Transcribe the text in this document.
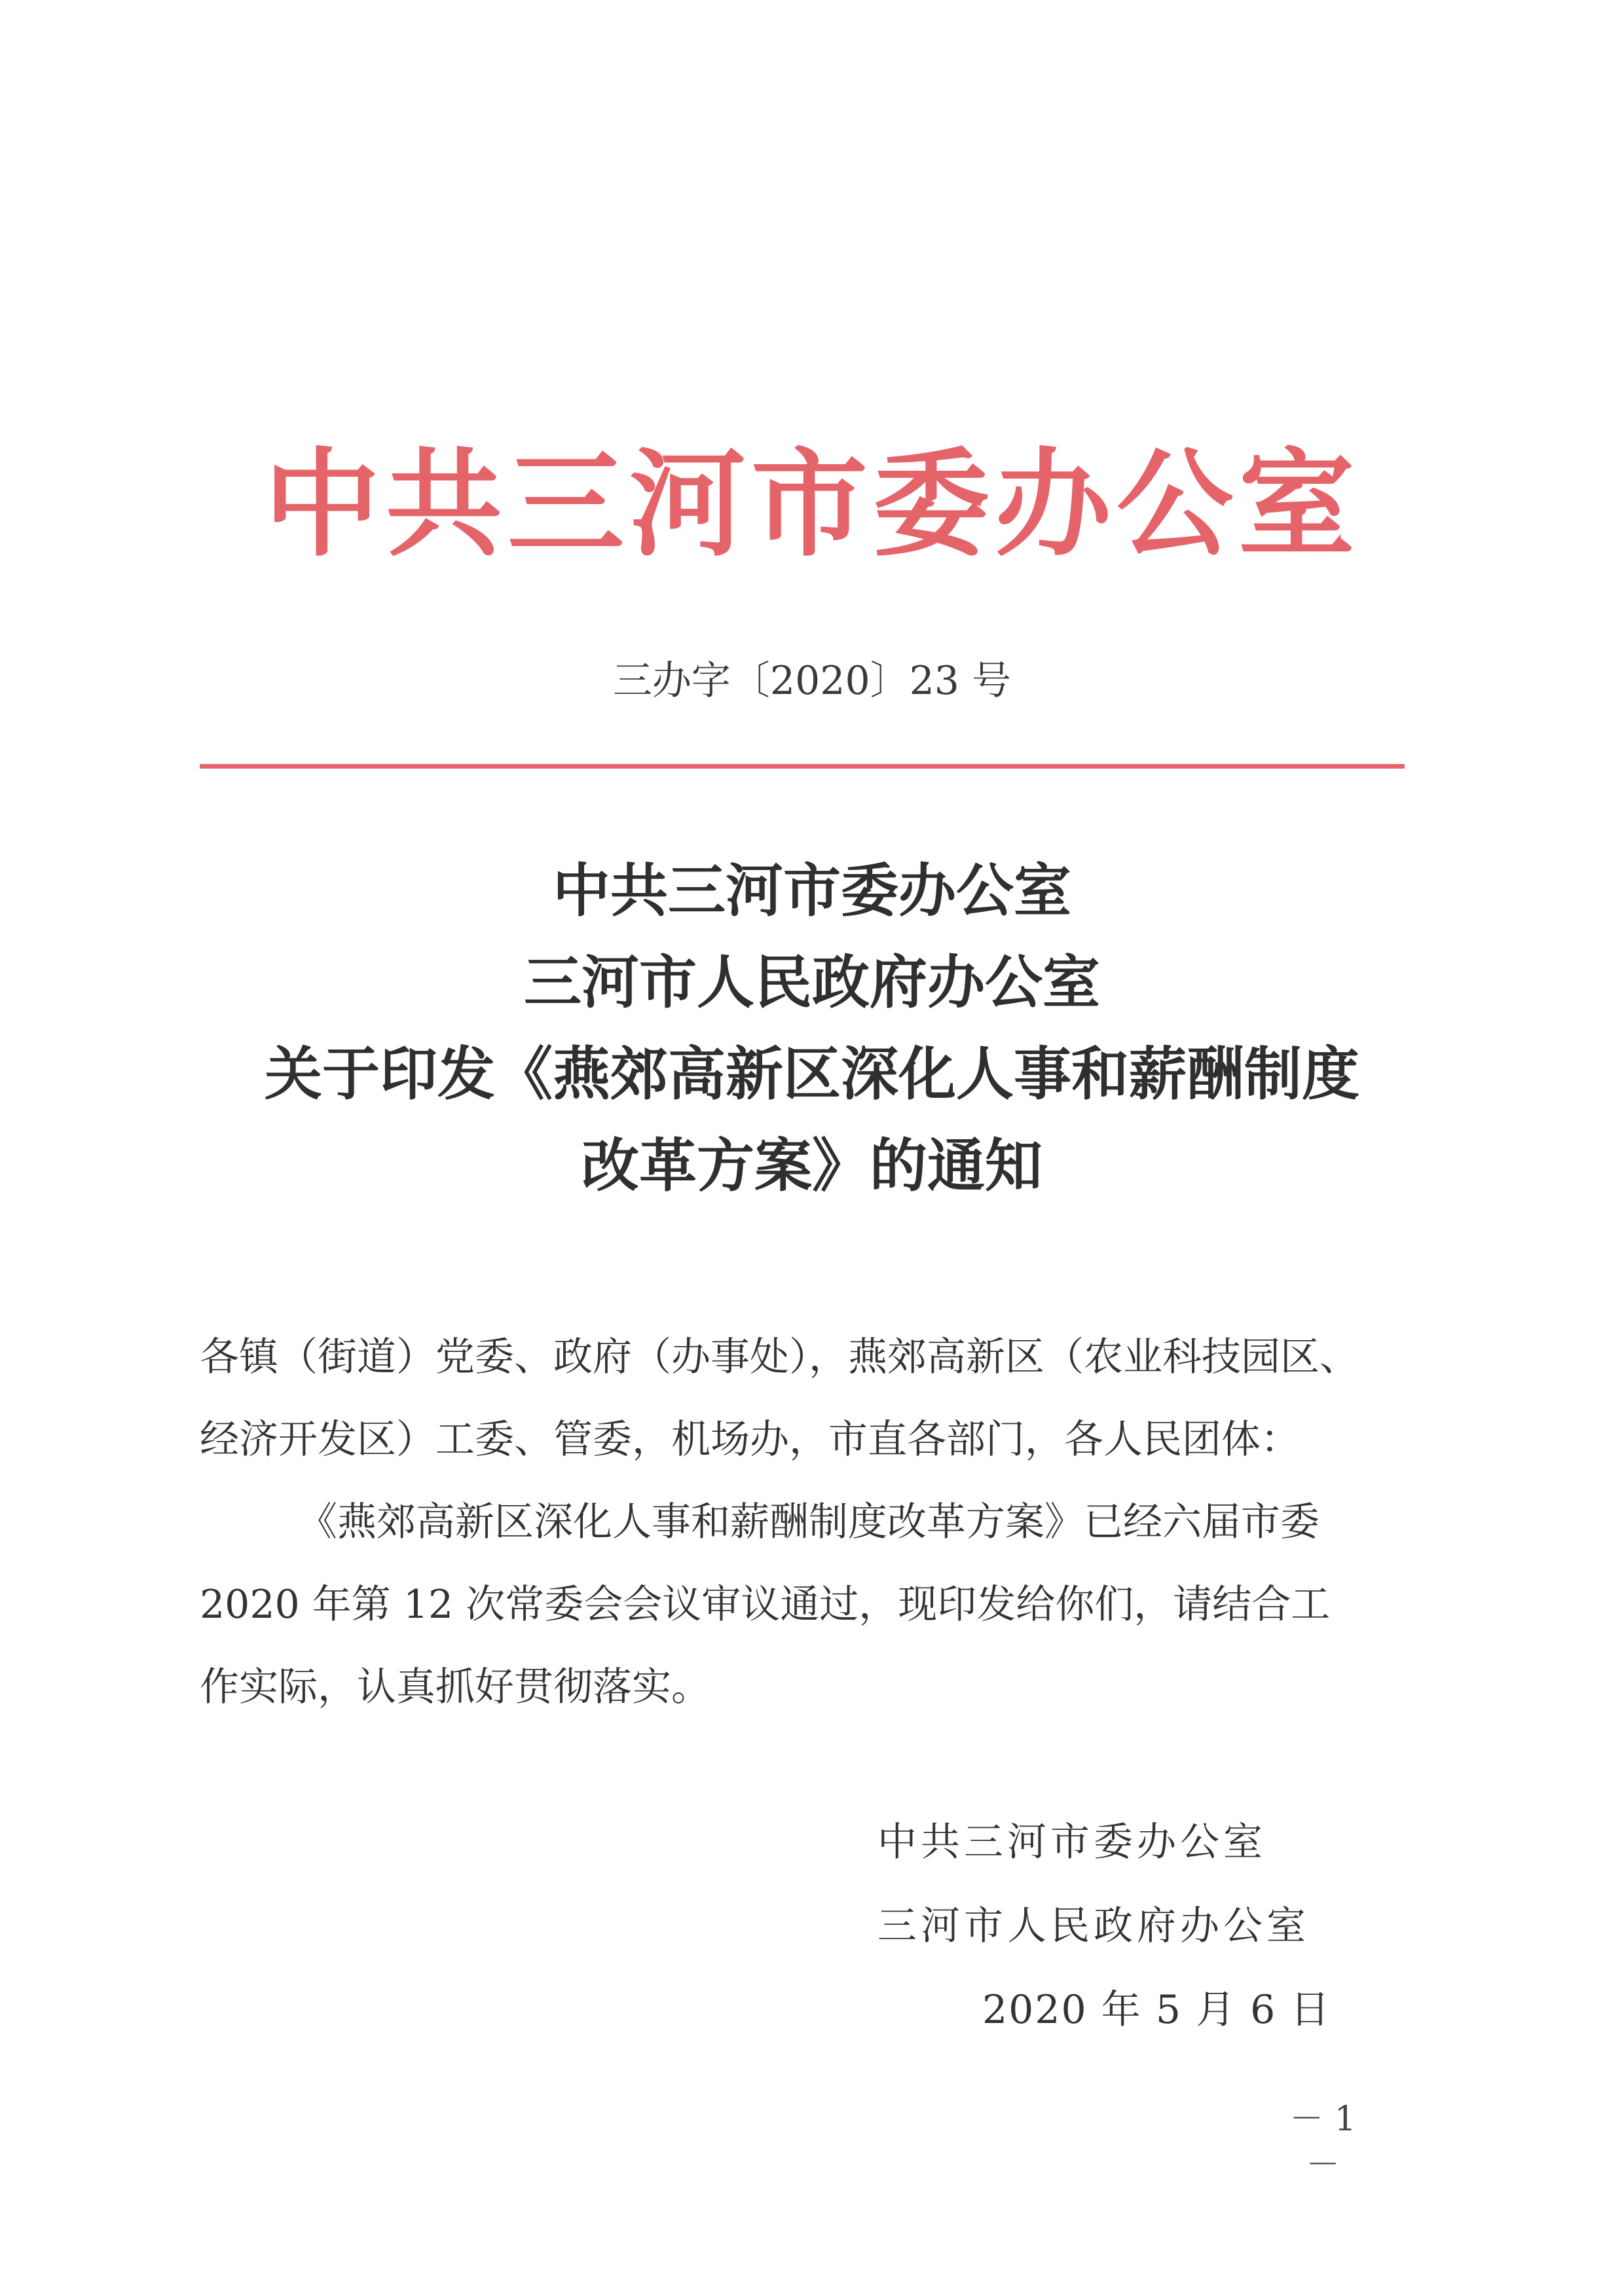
中共三河市委办公室
三办字〔2020〕23 号
中共三河市委办公室
三河市人民政府办公室
关于印发《燕郊高新区深化人事和薪酬制度
改革方案》的通知
各镇（街道）党委、政府（办事处），燕郊高新区（农业科技园区、
经济开发区）工委、管委，机场办，市直各部门，各人民团体：
《燕郊高新区深化人事和薪酬制度改革方案》已经六届市委
2020 年第 12 次常委会会议审议通过，现印发给你们，请结合工
作实际，认真抓好贯彻落实。
中共三河市委办公室
三河市人民政府办公室
2020 年 5 月 6 日
－ 1 －
